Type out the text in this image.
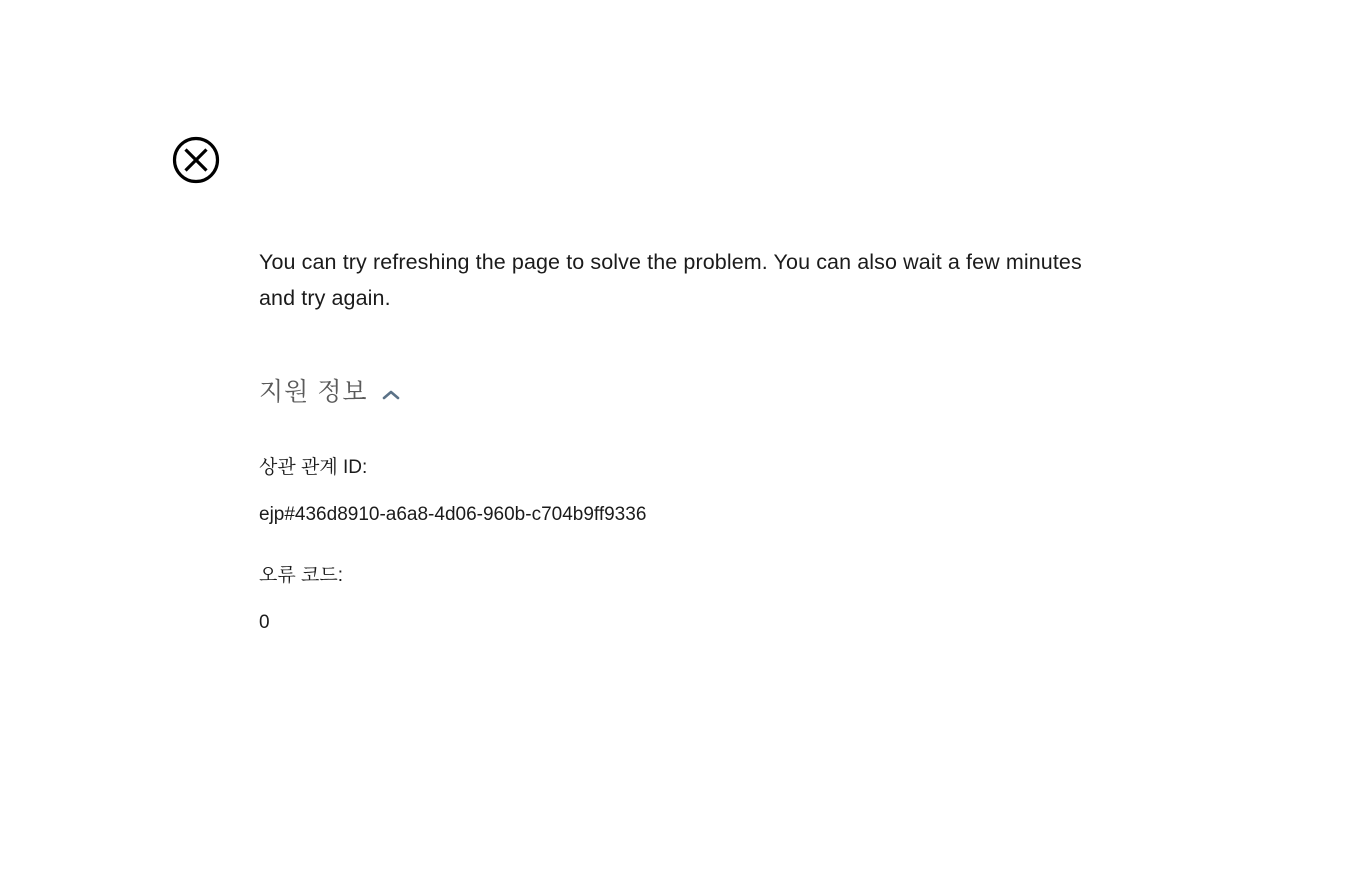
You can try refreshing the page to solve the problem. You can also wait a few minutes and try again.

지원 정보
상관 관계 ID:
ejp#436d8910-a6a8-4d06-960b-c704b9ff9336
오류 코드:
0
